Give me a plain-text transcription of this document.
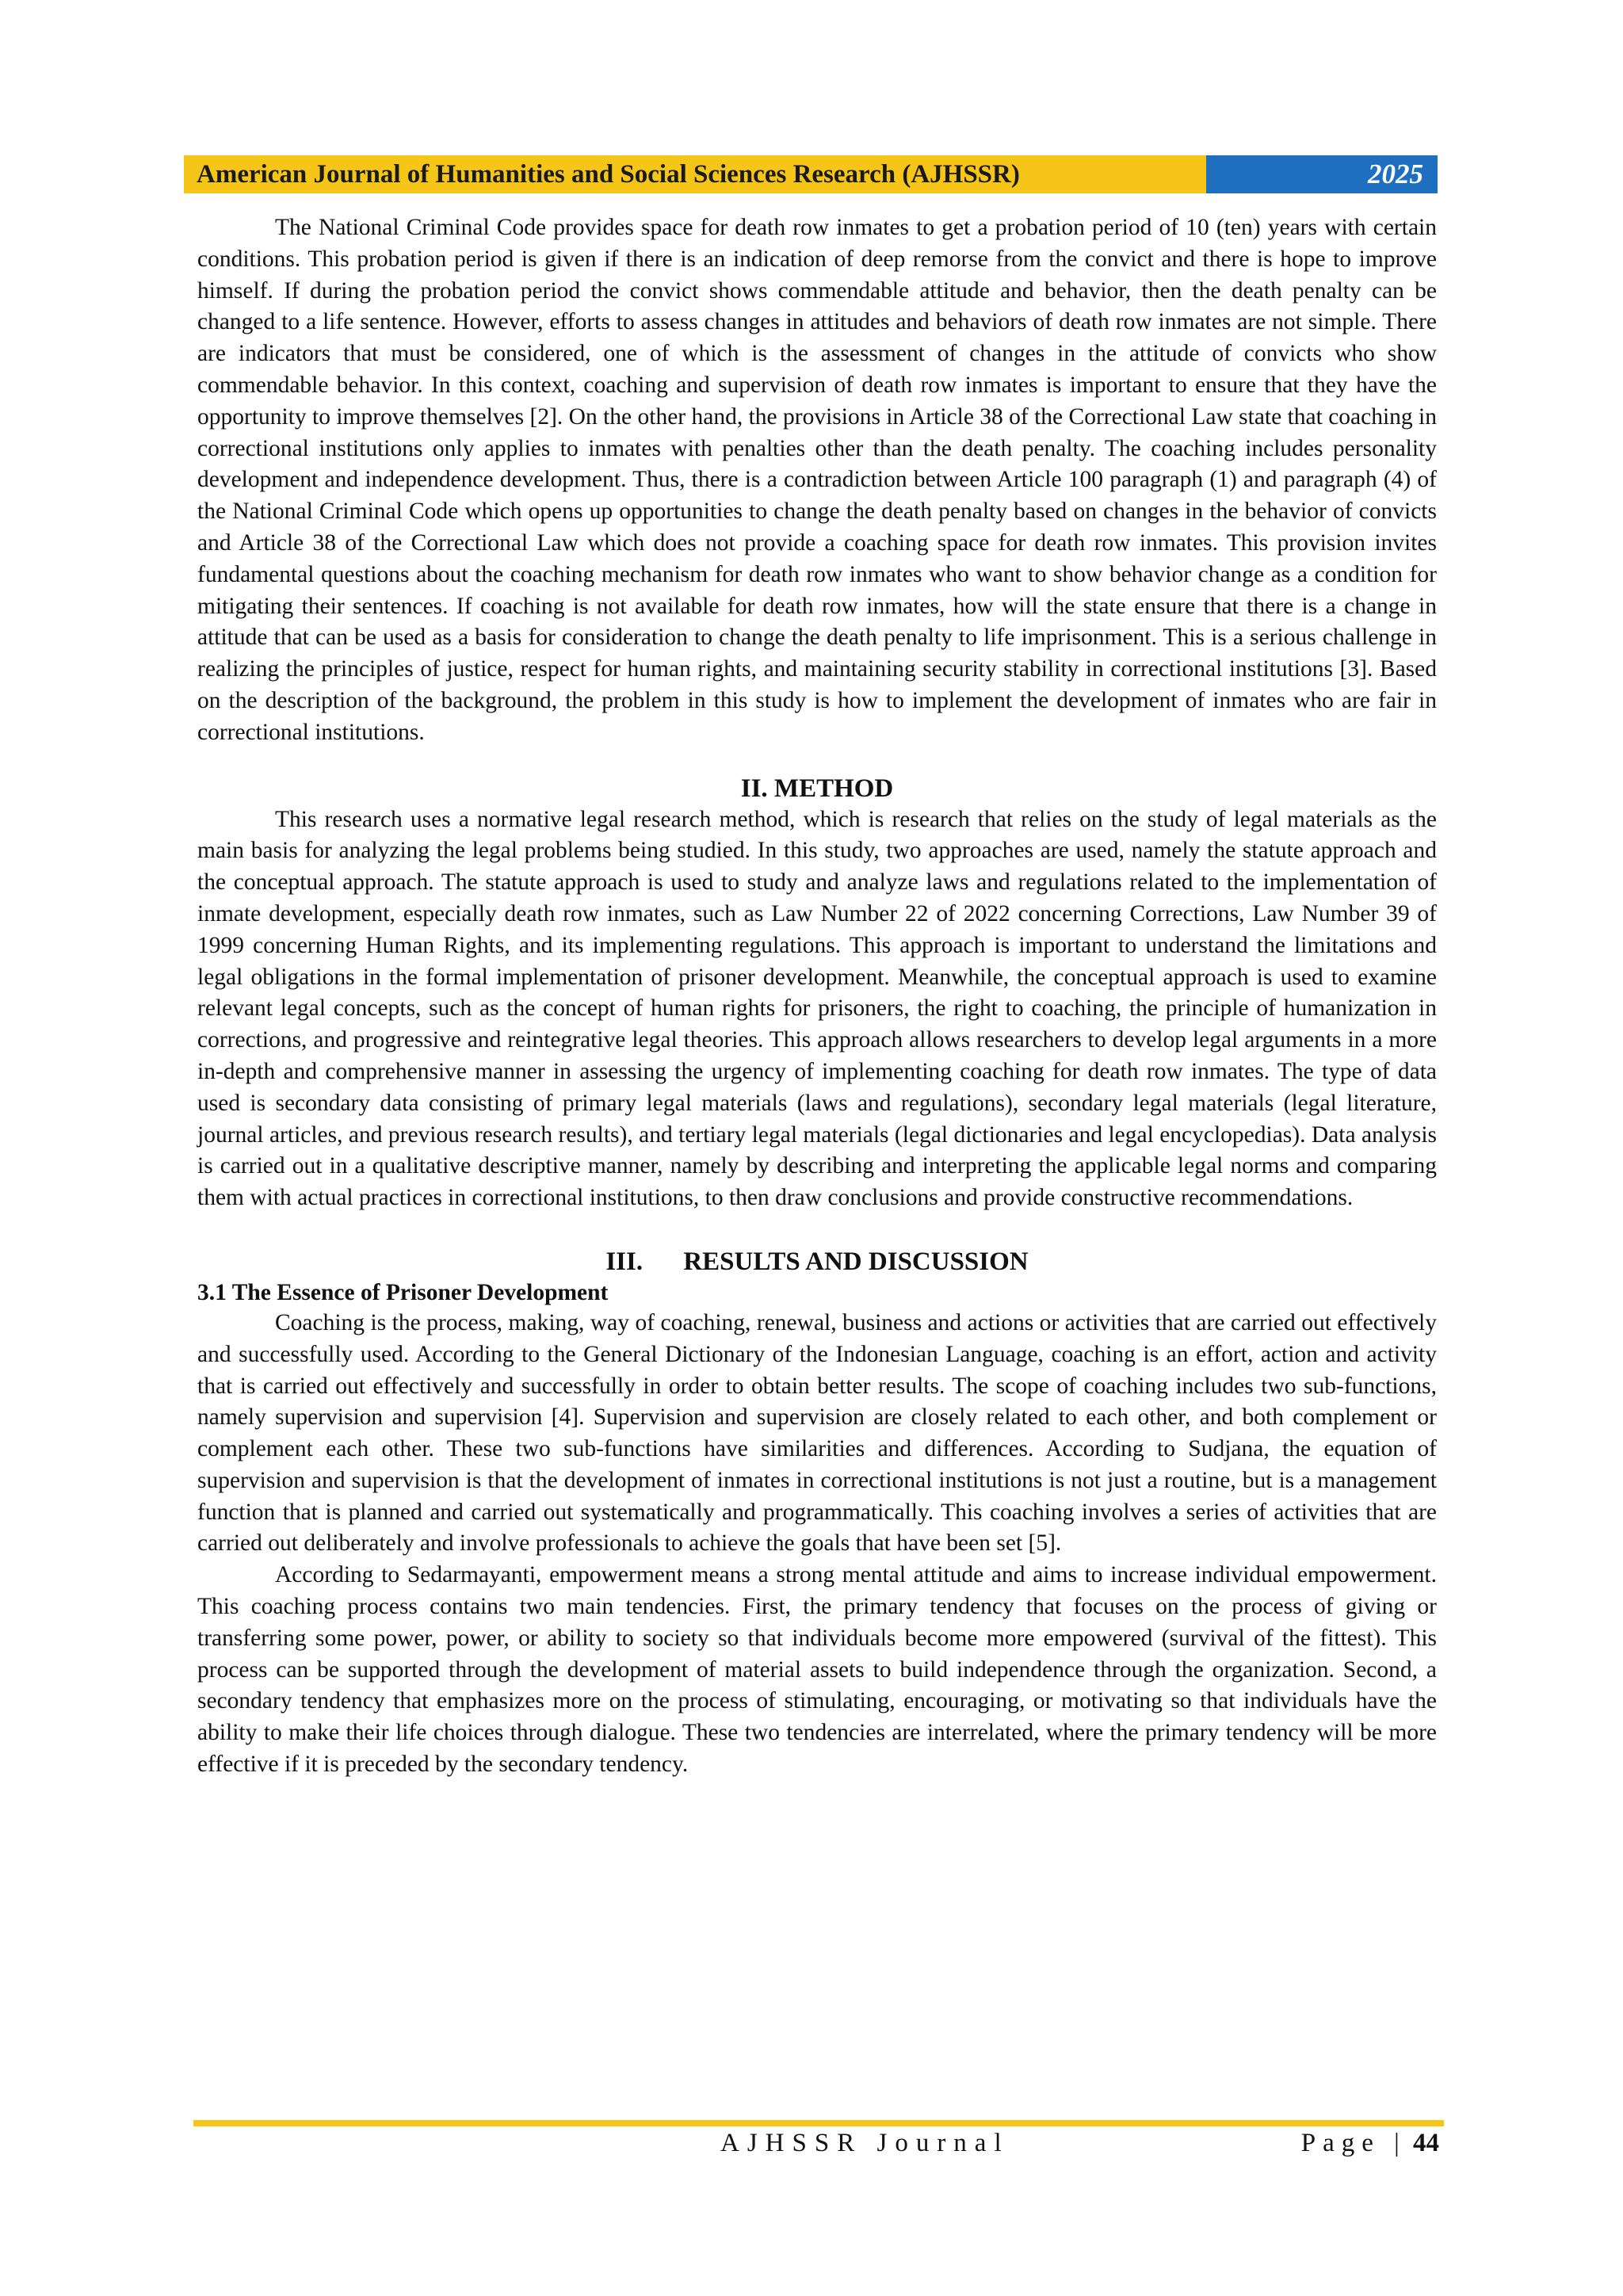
American Journal of Humanities and Social Sciences Research (AJHSSR)	2025

The National Criminal Code provides space for death row inmates to get a probation period of 10 (ten) years with certain conditions. This probation period is given if there is an indication of deep remorse from the convict and there is hope to improve himself. If during the probation period the convict shows commendable attitude and behavior, then the death penalty can be changed to a life sentence. However, efforts to assess changes in attitudes and behaviors of death row inmates are not simple. There are indicators that must be considered, one of which is the assessment of changes in the attitude of convicts who show commendable behavior. In this context, coaching and supervision of death row inmates is important to ensure that they have the opportunity to improve themselves [2]. On the other hand, the provisions in Article 38 of the Correctional Law state that coaching in correctional institutions only applies to inmates with penalties other than the death penalty. The coaching includes personality development and independence development. Thus, there is a contradiction between Article 100 paragraph (1) and paragraph (4) of the National Criminal Code which opens up opportunities to change the death penalty based on changes in the behavior of convicts and Article 38 of the Correctional Law which does not provide a coaching space for death row inmates. This provision invites fundamental questions about the coaching mechanism for death row inmates who want to show behavior change as a condition for mitigating their sentences. If coaching is not available for death row inmates, how will the state ensure that there is a change in attitude that can be used as a basis for consideration to change the death penalty to life imprisonment. This is a serious challenge in realizing the principles of justice, respect for human rights, and maintaining security stability in correctional institutions [3]. Based on the description of the background, the problem in this study is how to implement the development of inmates who are fair in correctional institutions.

II. METHOD

This research uses a normative legal research method, which is research that relies on the study of legal materials as the main basis for analyzing the legal problems being studied. In this study, two approaches are used, namely the statute approach and the conceptual approach. The statute approach is used to study and analyze laws and regulations related to the implementation of inmate development, especially death row inmates, such as Law Number 22 of 2022 concerning Corrections, Law Number 39 of 1999 concerning Human Rights, and its implementing regulations. This approach is important to understand the limitations and legal obligations in the formal implementation of prisoner development. Meanwhile, the conceptual approach is used to examine relevant legal concepts, such as the concept of human rights for prisoners, the right to coaching, the principle of humanization in corrections, and progressive and reintegrative legal theories. This approach allows researchers to develop legal arguments in a more in-depth and comprehensive manner in assessing the urgency of implementing coaching for death row inmates. The type of data used is secondary data consisting of primary legal materials (laws and regulations), secondary legal materials (legal literature, journal articles, and previous research results), and tertiary legal materials (legal dictionaries and legal encyclopedias). Data analysis is carried out in a qualitative descriptive manner, namely by describing and interpreting the applicable legal norms and comparing them with actual practices in correctional institutions, to then draw conclusions and provide constructive recommendations.

III. RESULTS AND DISCUSSION
3.1 The Essence of Prisoner Development

Coaching is the process, making, way of coaching, renewal, business and actions or activities that are carried out effectively and successfully used. According to the General Dictionary of the Indonesian Language, coaching is an effort, action and activity that is carried out effectively and successfully in order to obtain better results. The scope of coaching includes two sub-functions, namely supervision and supervision [4]. Supervision and supervision are closely related to each other, and both complement or complement each other. These two sub-functions have similarities and differences. According to Sudjana, the equation of supervision and supervision is that the development of inmates in correctional institutions is not just a routine, but is a management function that is planned and carried out systematically and programmatically. This coaching involves a series of activities that are carried out deliberately and involve professionals to achieve the goals that have been set [5].

According to Sedarmayanti, empowerment means a strong mental attitude and aims to increase individual empowerment. This coaching process contains two main tendencies. First, the primary tendency that focuses on the process of giving or transferring some power, power, or ability to society so that individuals become more empowered (survival of the fittest). This process can be supported through the development of material assets to build independence through the organization. Second, a secondary tendency that emphasizes more on the process of stimulating, encouraging, or motivating so that individuals have the ability to make their life choices through dialogue. These two tendencies are interrelated, where the primary tendency will be more effective if it is preceded by the secondary tendency.

AJHSSR Journal	Page | 44
